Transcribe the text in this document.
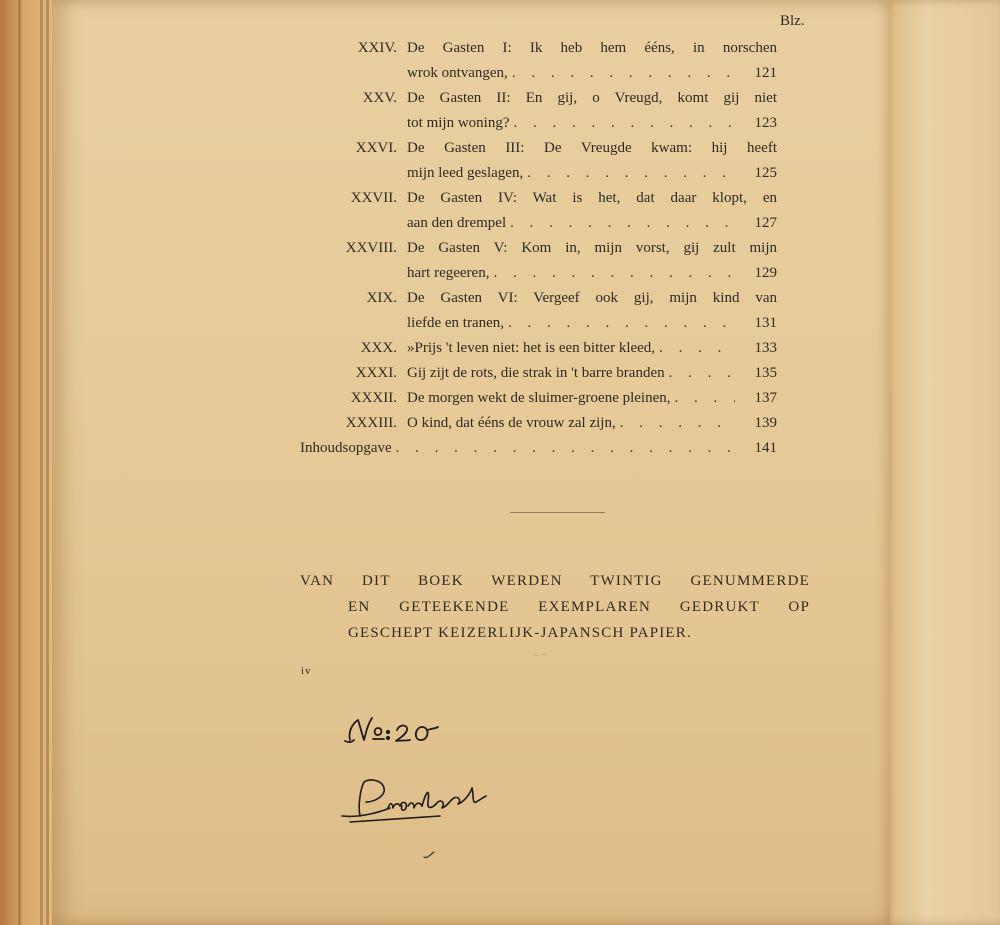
Blz.
XXIV. De Gasten I: Ik heb hem ééns, in norschen
wrok ontvangen, . . .	121
XXV. De Gasten II: En gij, o Vreugd, komt gij niet
tot mijn woning? . . .	123
XXVI. De Gasten III: De Vreugde kwam: hij heeft
mijn leed geslagen, . . .	125
XXVII. De Gasten IV: Wat is het, dat daar klopt, en
aan den drempel . . .	127
XXVIII. De Gasten V: Kom in, mijn vorst, gij zult mijn
hart regeeren, . . .	129
XIX. De Gasten VI: Vergeef ook gij, mijn kind van
liefde en tranen, . . .	131
XXX. »Prijs 't leven niet: het is een bitter kleed, . . .	133
XXXI. Gij zijt de rots, die strak in 't barre branden . . .	135
XXXII. De morgen wekt de sluimer-groene pleinen, . . .	137
XXXIII. O kind, dat ééns de vrouw zal zijn, . . .	139
Inhoudsopgave . . .	141
VAN DIT BOEK WERDEN TWINTIG GENUMMERDE
EN GETEEKENDE EXEMPLAREN GEDRUKT OP
GESCHEPT KEIZERLIJK-JAPANSCH PAPIER.
~ ~
iv
